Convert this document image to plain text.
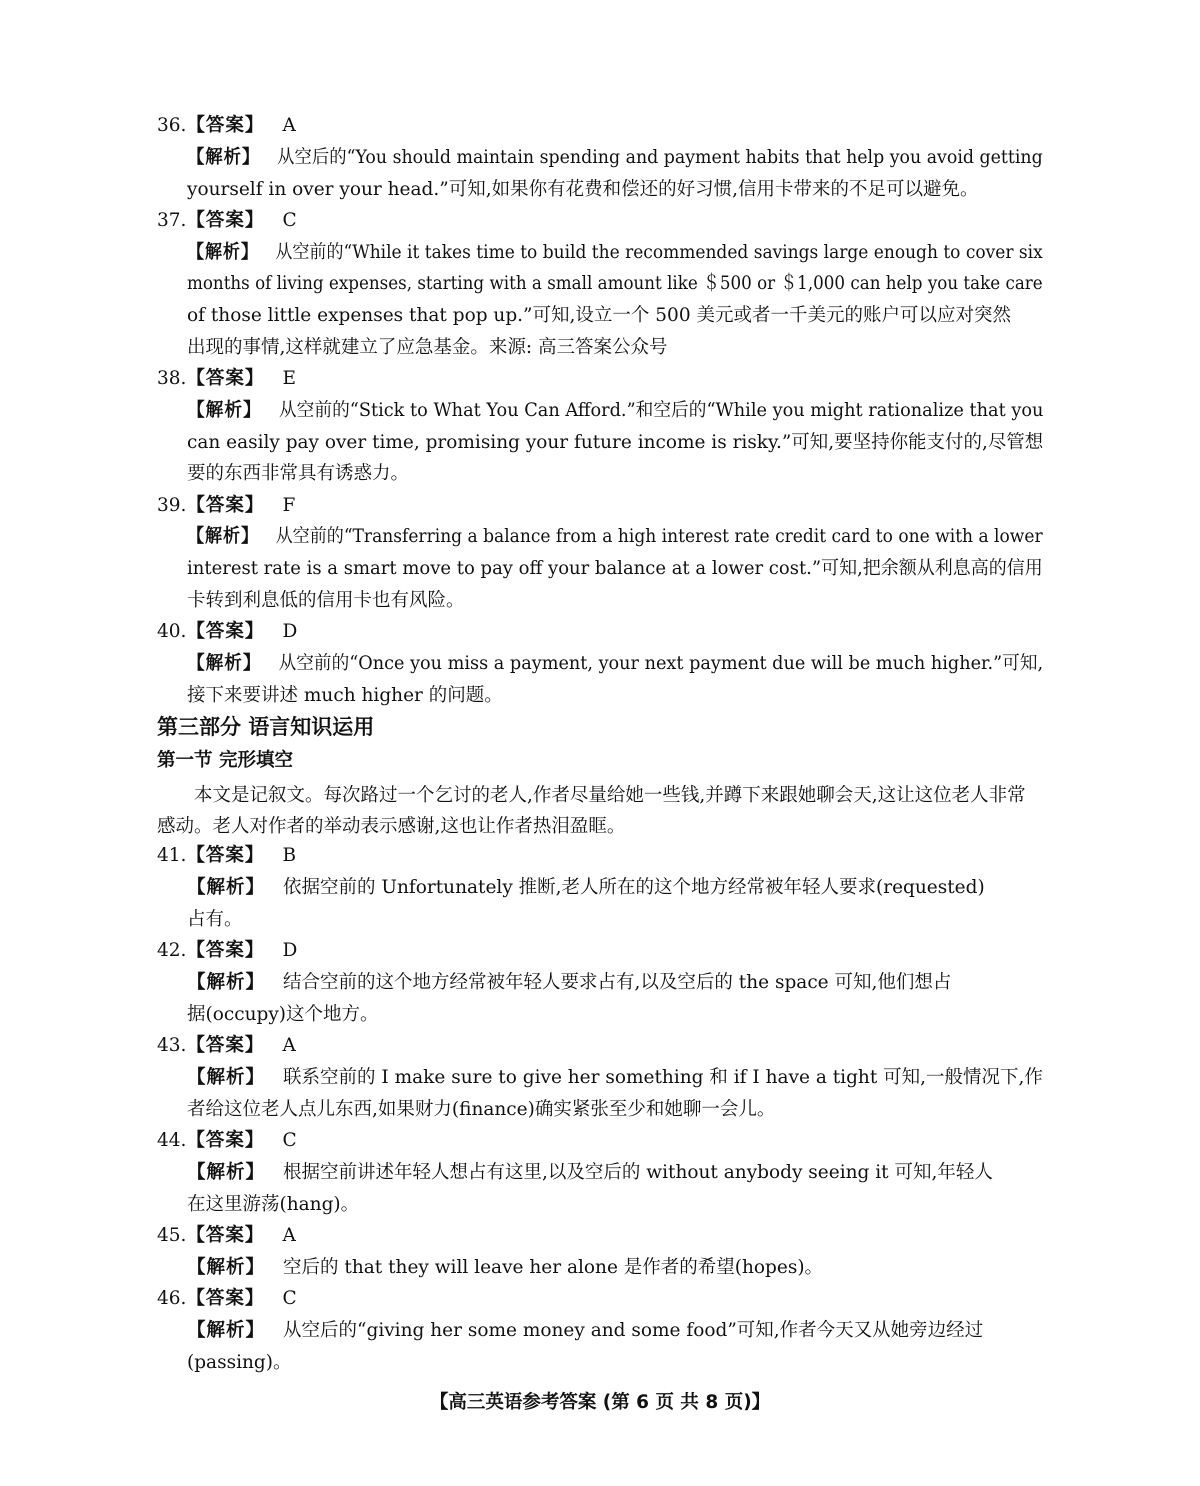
36.【答案】 A
【解析】 从空后的“You should maintain spending and payment habits that help you avoid getting
yourself in over your head.”可知,如果你有花费和偿还的好习惯,信用卡带来的不足可以避免。
37.【答案】 C
【解析】 从空前的“While it takes time to build the recommended savings large enough to cover six
months of living expenses, starting with a small amount like ＄500 or ＄1,000 can help you take care
of those little expenses that pop up.”可知,设立一个 500 美元或者一千美元的账户可以应对突然
出现的事情,这样就建立了应急基金。来源: 高三答案公众号
38.【答案】 E
【解析】 从空前的“Stick to What You Can Afford.”和空后的“While you might rationalize that you
can easily pay over time, promising your future income is risky.”可知,要坚持你能支付的,尽管想
要的东西非常具有诱惑力。
39.【答案】 F
【解析】 从空前的“Transferring a balance from a high interest rate credit card to one with a lower
interest rate is a smart move to pay off your balance at a lower cost.”可知,把余额从利息高的信用
卡转到利息低的信用卡也有风险。
40.【答案】 D
【解析】 从空前的“Once you miss a payment, your next payment due will be much higher.”可知,
接下来要讲述 much higher 的问题。
第三部分 语言知识运用
第一节 完形填空
本文是记叙文。每次路过一个乞讨的老人,作者尽量给她一些钱,并蹲下来跟她聊会天,这让这位老人非常感动。老人对作者的举动表示感谢,这也让作者热泪盈眶。
41.【答案】 B
【解析】 依据空前的 Unfortunately 推断,老人所在的这个地方经常被年轻人要求(requested)
占有。
42.【答案】 D
【解析】 结合空前的这个地方经常被年轻人要求占有,以及空后的 the space 可知,他们想占
据(occupy)这个地方。
43.【答案】 A
【解析】 联系空前的 I make sure to give her something 和 if I have a tight 可知,一般情况下,作
者给这位老人点儿东西,如果财力(finance)确实紧张至少和她聊一会儿。
44.【答案】 C
【解析】 根据空前讲述年轻人想占有这里,以及空后的 without anybody seeing it 可知,年轻人
在这里游荡(hang)。
45.【答案】 A
【解析】 空后的 that they will leave her alone 是作者的希望(hopes)。
46.【答案】 C
【解析】 从空后的“giving her some money and some food”可知,作者今天又从她旁边经过
(passing)。
【高三英语参考答案 (第 6 页 共 8 页)】
